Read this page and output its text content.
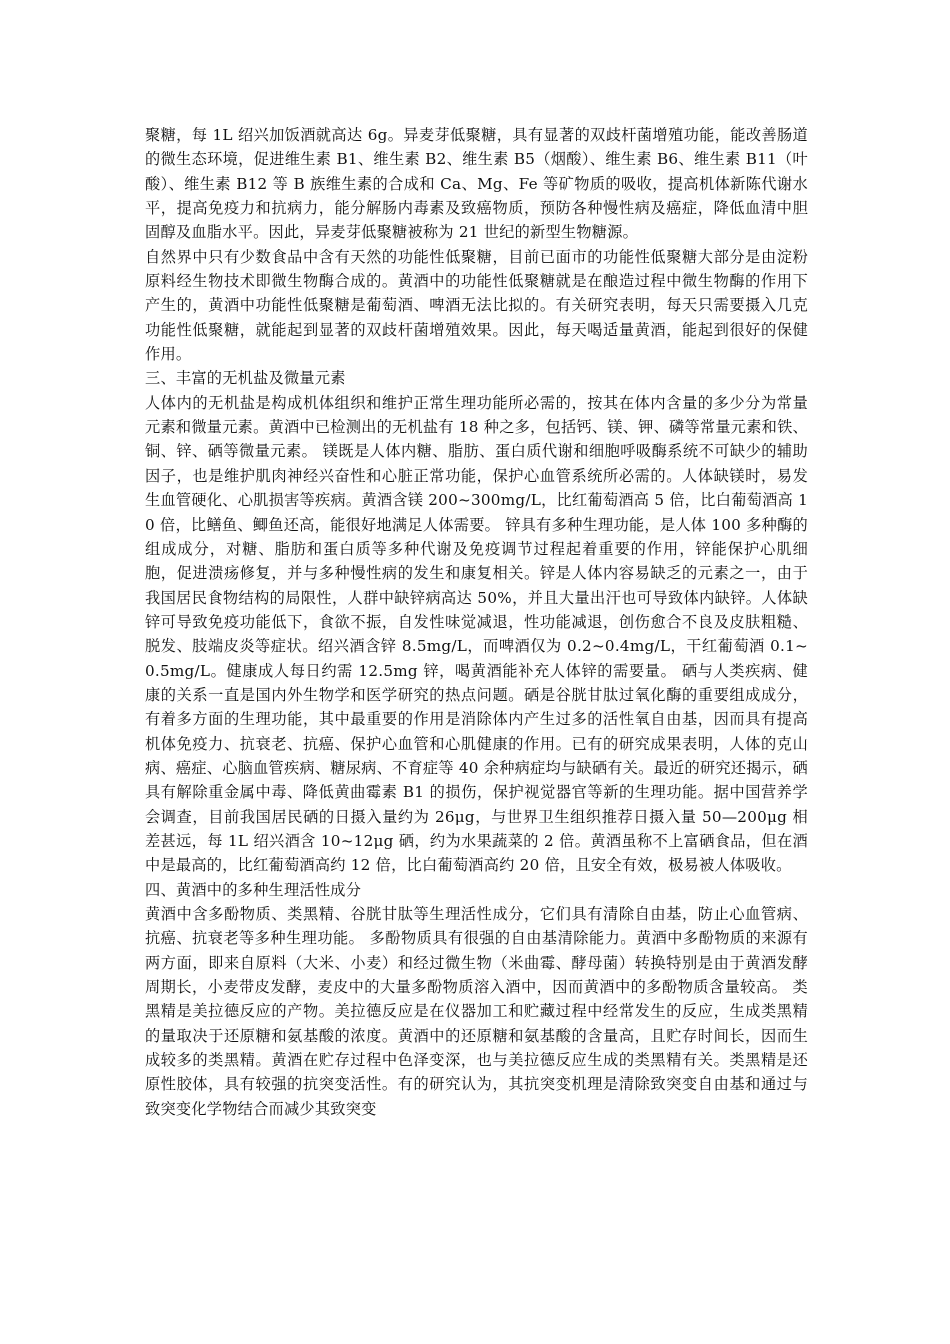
聚糖，每 1L 绍兴加饭酒就高达 6g。异麦芽低聚糖，具有显著的双歧杆菌增殖功能，能改善肠道的微生态环境，促进维生素 B1、维生素 B2、维生素 B5（烟酸）、维生素 B6、维生素 B11（叶酸）、维生素 B12 等 B 族维生素的合成和 Ca、Mg、Fe 等矿物质的吸收，提高机体新陈代谢水平，提高免疫力和抗病力，能分解肠内毒素及致癌物质，预防各种慢性病及癌症，降低血清中胆固醇及血脂水平。因此，异麦芽低聚糖被称为 21 世纪的新型生物糖源。

自然界中只有少数食品中含有天然的功能性低聚糖，目前已面市的功能性低聚糖大部分是由淀粉原料经生物技术即微生物酶合成的。黄酒中的功能性低聚糖就是在酿造过程中微生物酶的作用下产生的，黄酒中功能性低聚糖是葡萄酒、啤酒无法比拟的。有关研究表明，每天只需要摄入几克功能性低聚糖，就能起到显著的双歧杆菌增殖效果。因此，每天喝适量黄酒，能起到很好的保健作用。

三、丰富的无机盐及微量元素

人体内的无机盐是构成机体组织和维护正常生理功能所必需的，按其在体内含量的多少分为常量元素和微量元素。黄酒中已检测出的无机盐有 18 种之多，包括钙、镁、钾、磷等常量元素和铁、铜、锌、硒等微量元素。 镁既是人体内糖、脂肪、蛋白质代谢和细胞呼吸酶系统不可缺少的辅助因子，也是维护肌肉神经兴奋性和心脏正常功能，保护心血管系统所必需的。人体缺镁时，易发生血管硬化、心肌损害等疾病。黄酒含镁 200~300mg/L，比红葡萄酒高 5 倍，比白葡萄酒高 10 倍，比鳝鱼、鲫鱼还高，能很好地满足人体需要。 锌具有多种生理功能，是人体 100 多种酶的组成成分，对糖、脂肪和蛋白质等多种代谢及免疫调节过程起着重要的作用，锌能保护心肌细胞，促进溃疡修复，并与多种慢性病的发生和康复相关。锌是人体内容易缺乏的元素之一，由于我国居民食物结构的局限性，人群中缺锌病高达 50%，并且大量出汗也可导致体内缺锌。人体缺锌可导致免疫功能低下，食欲不振，自发性味觉减退，性功能减退，创伤愈合不良及皮肤粗糙、脱发、肢端皮炎等症状。绍兴酒含锌 8.5mg/L，而啤酒仅为 0.2~0.4mg/L，干红葡萄酒 0.1~0.5mg/L。健康成人每日约需 12.5mg 锌，喝黄酒能补充人体锌的需要量。 硒与人类疾病、健康的关系一直是国内外生物学和医学研究的热点问题。硒是谷胱甘肽过氧化酶的重要组成成分，有着多方面的生理功能，其中最重要的作用是消除体内产生过多的活性氧自由基，因而具有提高机体免疫力、抗衰老、抗癌、保护心血管和心肌健康的作用。已有的研究成果表明，人体的克山病、癌症、心脑血管疾病、糖尿病、不育症等 40 余种病症均与缺硒有关。最近的研究还揭示，硒具有解除重金属中毒、降低黄曲霉素 B1 的损伤，保护视觉器官等新的生理功能。据中国营养学会调查，目前我国居民硒的日摄入量约为 26μg，与世界卫生组织推荐日摄入量 50—200μg 相差甚远，每 1L 绍兴酒含 10~12μg 硒，约为水果蔬菜的 2 倍。黄酒虽称不上富硒食品，但在酒中是最高的，比红葡萄酒高约 12 倍，比白葡萄酒高约 20 倍，且安全有效，极易被人体吸收。

四、黄酒中的多种生理活性成分

黄酒中含多酚物质、类黑精、谷胱甘肽等生理活性成分，它们具有清除自由基，防止心血管病、抗癌、抗衰老等多种生理功能。 多酚物质具有很强的自由基清除能力。黄酒中多酚物质的来源有两方面，即来自原料（大米、小麦）和经过微生物（米曲霉、酵母菌）转换特别是由于黄酒发酵周期长，小麦带皮发酵，麦皮中的大量多酚物质溶入酒中，因而黄酒中的多酚物质含量较高。 类黑精是美拉德反应的产物。美拉德反应是在仪器加工和贮藏过程中经常发生的反应，生成类黑精的量取决于还原糖和氨基酸的浓度。黄酒中的还原糖和氨基酸的含量高，且贮存时间长，因而生成较多的类黑精。黄酒在贮存过程中色泽变深，也与美拉德反应生成的类黑精有关。类黑精是还原性胶体，具有较强的抗突变活性。有的研究认为，其抗突变机理是清除致突变自由基和通过与致突变化学物结合而减少其致突变
